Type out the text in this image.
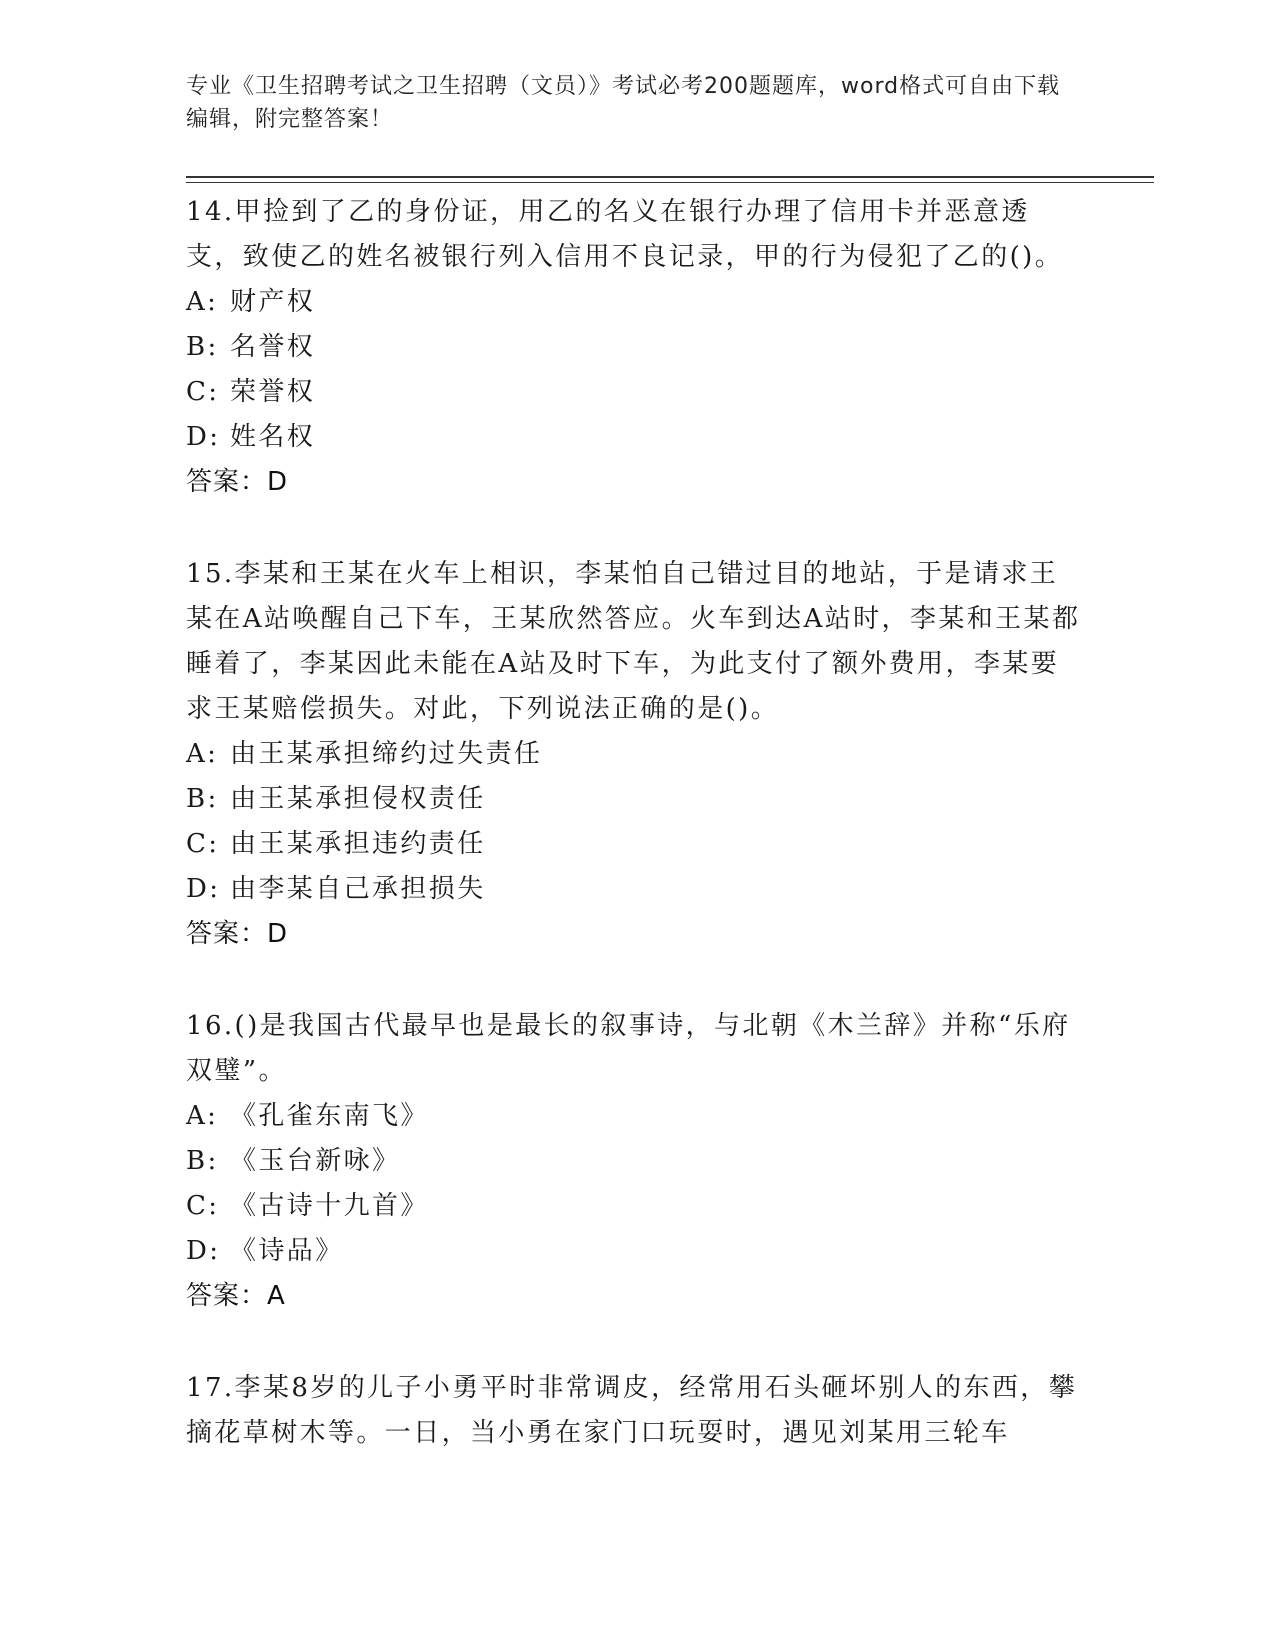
专业《卫生招聘考试之卫生招聘（文员）》考试必考200题题库，word格式可自由下载编辑，附完整答案！
14.甲捡到了乙的身份证，用乙的名义在银行办理了信用卡并恶意透支，致使乙的姓名被银行列入信用不良记录，甲的行为侵犯了乙的()。
A: 财产权
B: 名誉权
C: 荣誉权
D: 姓名权
答案：D
15.李某和王某在火车上相识，李某怕自己错过目的地站，于是请求王某在A站唤醒自己下车，王某欣然答应。火车到达A站时，李某和王某都睡着了，李某因此未能在A站及时下车，为此支付了额外费用，李某要求王某赔偿损失。对此，下列说法正确的是()。
A: 由王某承担缔约过失责任
B: 由王某承担侵权责任
C: 由王某承担违约责任
D: 由李某自己承担损失
答案：D
16.()是我国古代最早也是最长的叙事诗，与北朝《木兰辞》并称“乐府双璧”。
A: 《孔雀东南飞》
B: 《玉台新咏》
C: 《古诗十九首》
D: 《诗品》
答案：A
17.李某8岁的儿子小勇平时非常调皮，经常用石头砸坏别人的东西，攀摘花草树木等。一日，当小勇在家门口玩耍时，遇见刘某用三轮车
